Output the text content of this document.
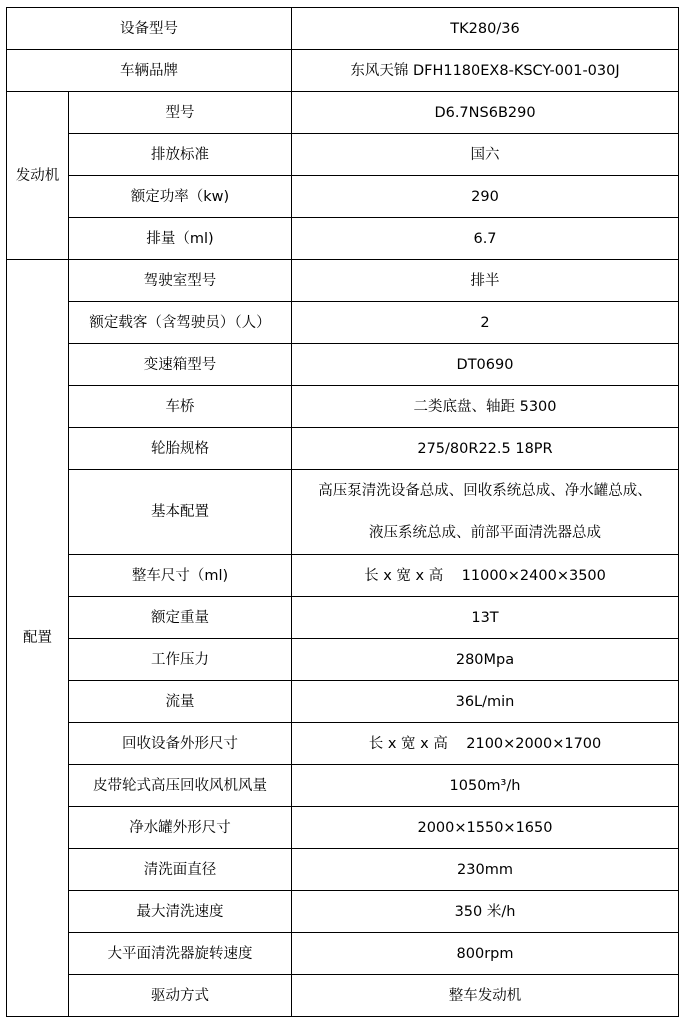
设备型号		TK280/36
车辆品牌		东风天锦 DFH1180EX8-KSCY-001-030J
发动机	型号	D6.7NS6B290
	排放标准	国六
	额定功率（kw)	290
	排量（ml)	6.7
配置	驾驶室型号	排半
	额定载客（含驾驶员）（人）	2
	变速箱型号	DT0690
	车桥	二类底盘、轴距 5300
	轮胎规格	275/80R22.5 18PR
	基本配置	高压泵清洗设备总成、回收系统总成、净水罐总成、
液压系统总成、前部平面清洗器总成

	整车尺寸（ml)	长 x 宽 x 高    11000×2400×3500
	额定重量	13T
	工作压力	280Mpa
	流量	36L/min
	回收设备外形尺寸	长 x 宽 x 高    2100×2000×1700
	皮带轮式高压回收风机风量	1050m³/h
	净水罐外形尺寸	2000×1550×1650
	清洗面直径	230mm
	最大清洗速度	350 米/h
	大平面清洗器旋转速度	800rpm
	驱动方式	整车发动机
